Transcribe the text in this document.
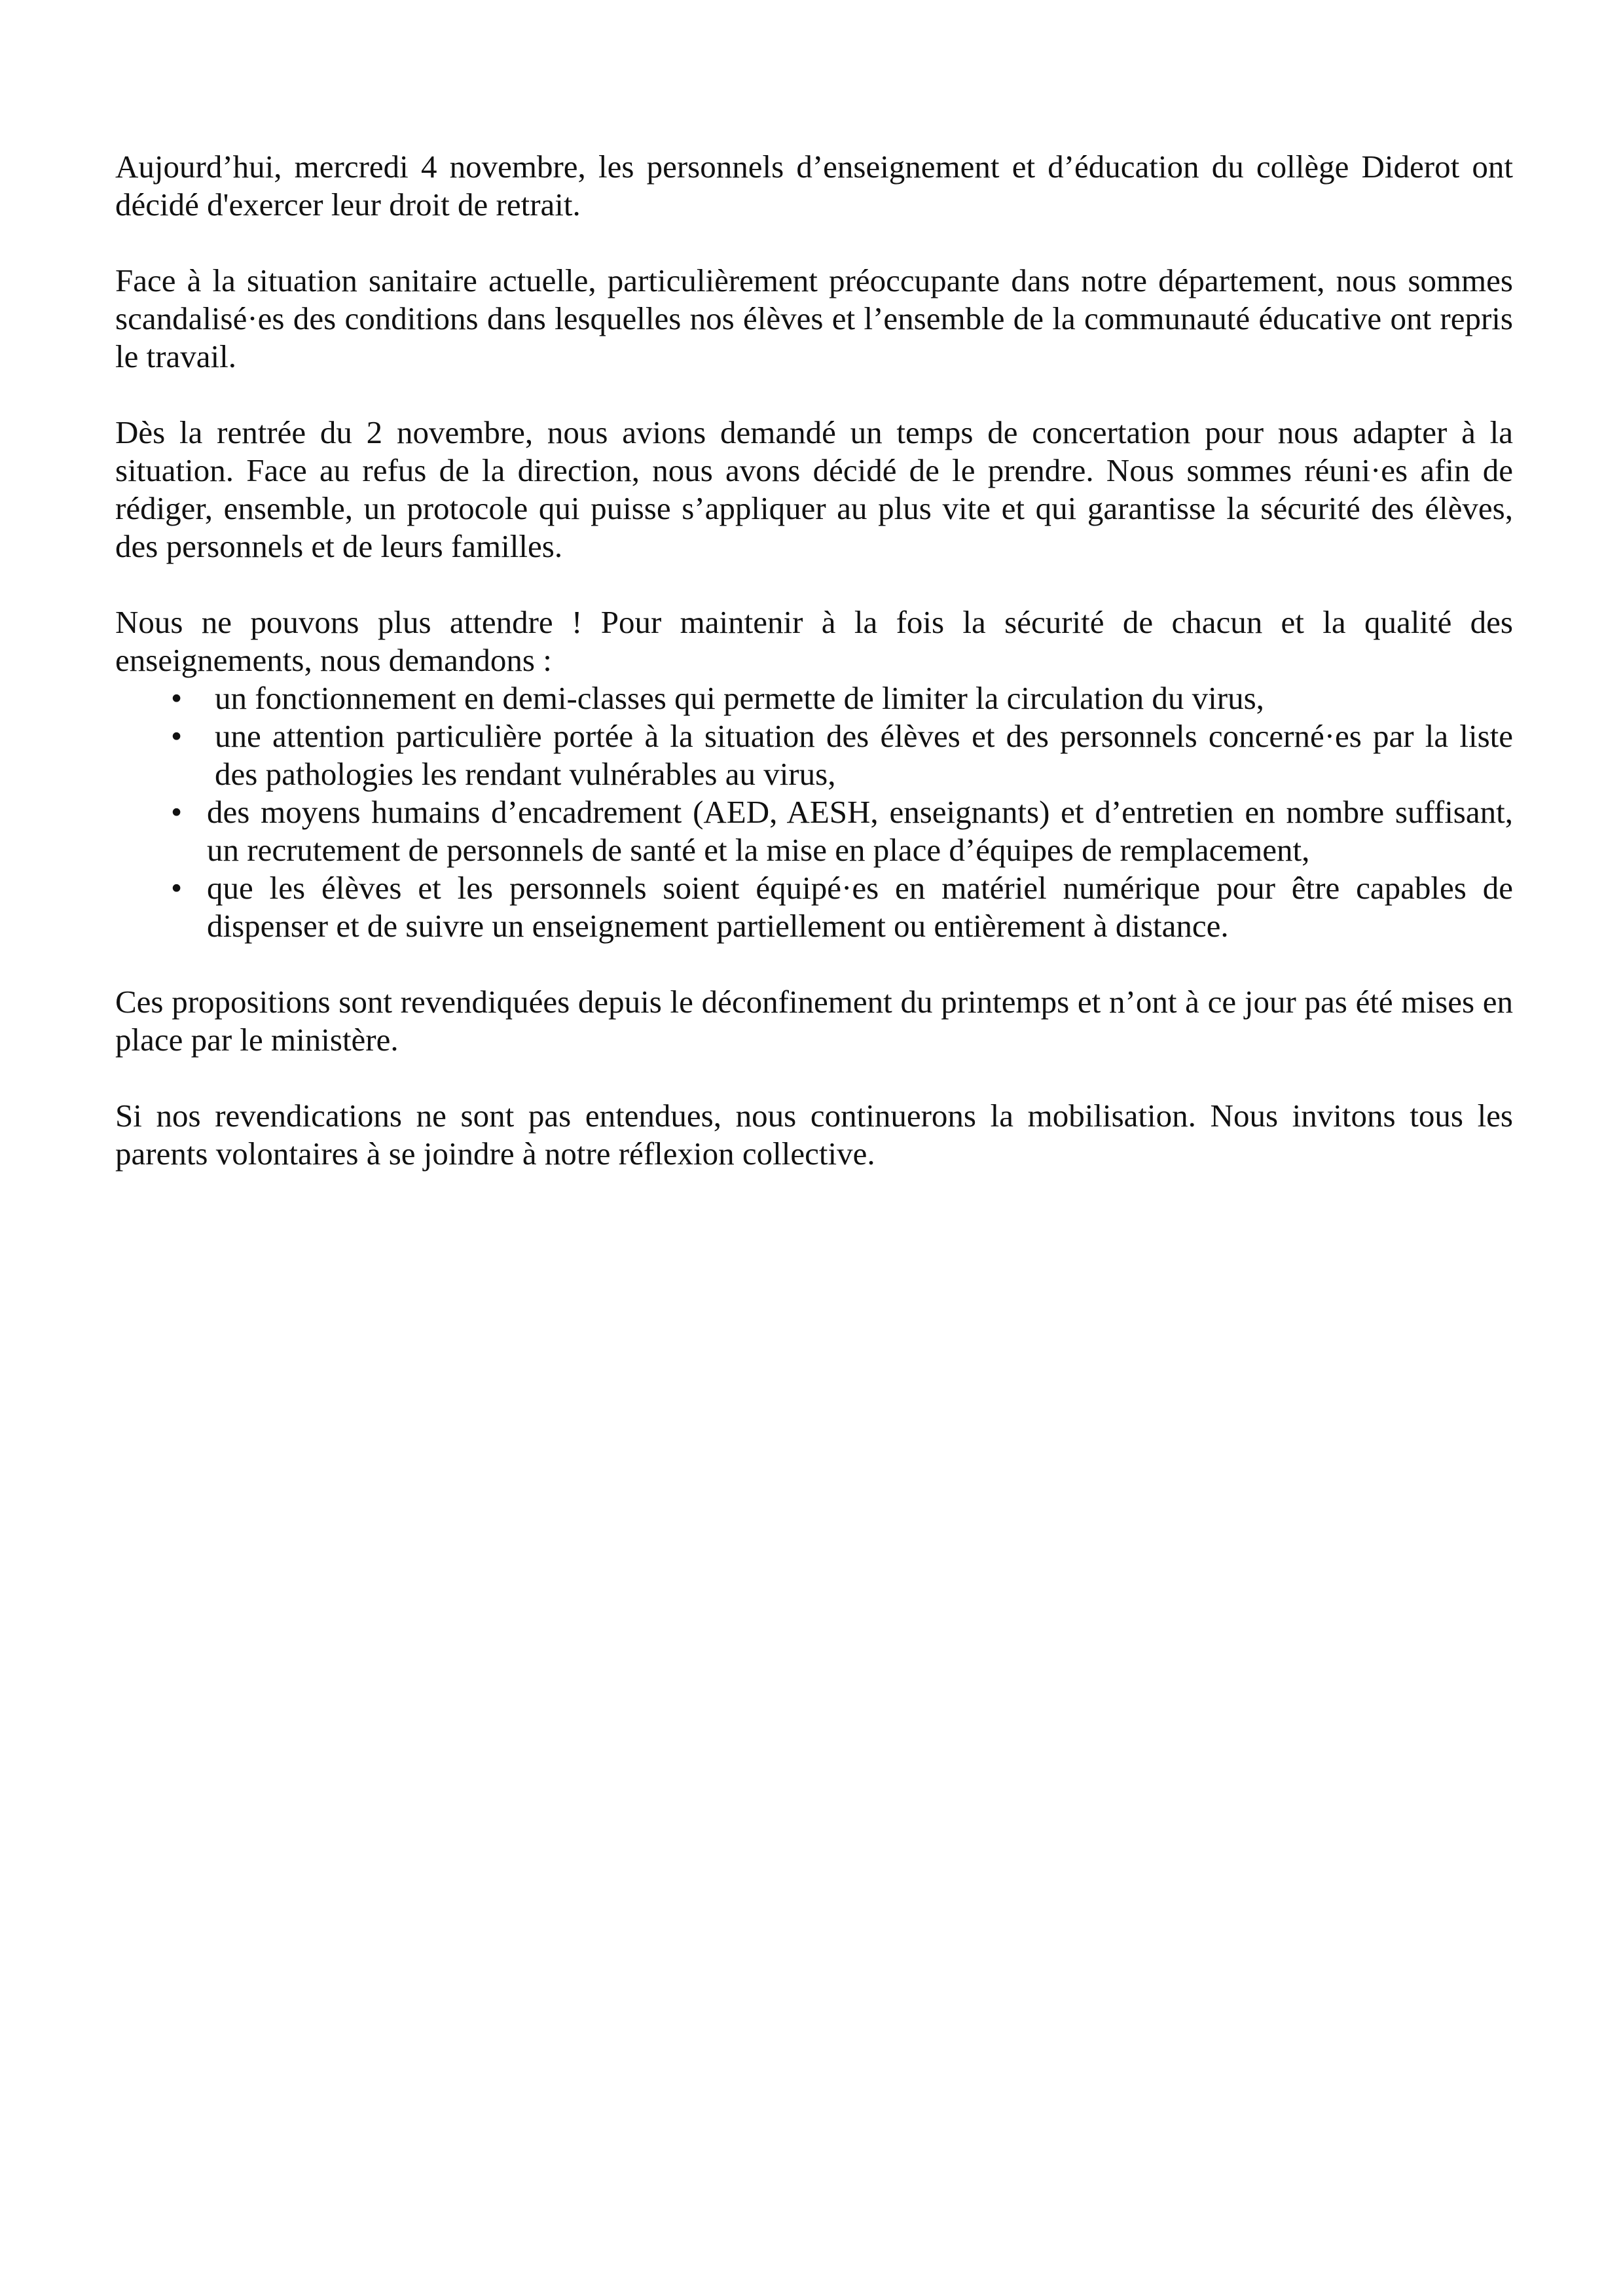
Aujourd’hui, mercredi 4 novembre, les personnels d’enseignement et d’éducation du collège Diderot ont décidé d'exercer leur droit de retrait.

Face à la situation sanitaire actuelle, particulièrement préoccupante dans notre département, nous sommes scandalisé·es des conditions dans lesquelles nos élèves et l’ensemble de la communauté éducative ont repris le travail.

Dès la rentrée du 2 novembre, nous avions demandé un temps de concertation pour nous adapter à la situation. Face au refus de la direction, nous avons décidé de le prendre. Nous sommes réuni·es afin de rédiger, ensemble, un protocole qui puisse s’appliquer au plus vite et qui garantisse la sécurité des élèves, des personnels et de leurs familles.

Nous ne pouvons plus attendre ! Pour maintenir à la fois la sécurité de chacun et la qualité des enseignements, nous demandons :

• un fonctionnement en demi-classes qui permette de limiter la circulation du virus,
• une attention particulière portée à la situation des élèves et des personnels concerné·es par la liste des pathologies les rendant vulnérables au virus,
• des moyens humains d’encadrement (AED, AESH, enseignants) et d’entretien en nombre suffisant, un recrutement de personnels de santé et la mise en place d’équipes de remplacement,
• que les élèves et les personnels soient équipé·es en matériel numérique pour être capables de dispenser et de suivre un enseignement partiellement ou entièrement à distance.

Ces propositions sont revendiquées depuis le déconfinement du printemps et n’ont à ce jour pas été mises en place par le ministère.

Si nos revendications ne sont pas entendues, nous continuerons la mobilisation. Nous invitons tous les parents volontaires à se joindre à notre réflexion collective.
